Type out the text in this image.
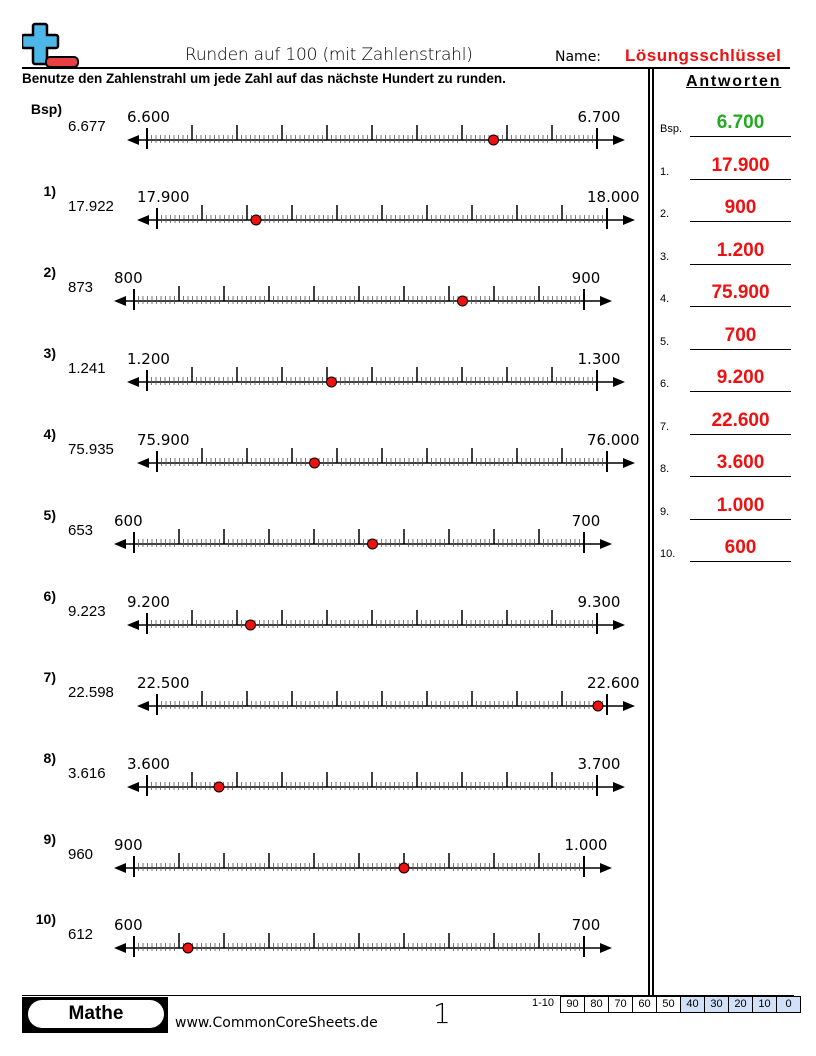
Runden auf 100 (mit Zahlenstrahl)	Name: Lösungsschlüssel
Benutze den Zahlenstrahl um jede Zahl auf das nächste Hundert zu runden.	Antworten
Bsp)
6.677
6.600	6.700
1)
17.922
17.900	18.000
2)
873
800	900
3)
1.241
1.200	1.300
4)
75.935
75.900	76.000
5)
653
600	700
6)
9.223
9.200	9.300
7)
22.598
22.500	22.600
8)
3.616
3.600	3.700
9)
960
900	1.000
10)
612
600	700
Bsp.	6.700
1.	17.900
2.	900
3.	1.200
4.	75.900
5.	700
6.	9.200
7.	22.600
8.	3.600
9.	1.000
10.	600
Mathe	www.CommonCoreSheets.de 1	1-10	90	80	70	60	50	40	30	20	10	0
